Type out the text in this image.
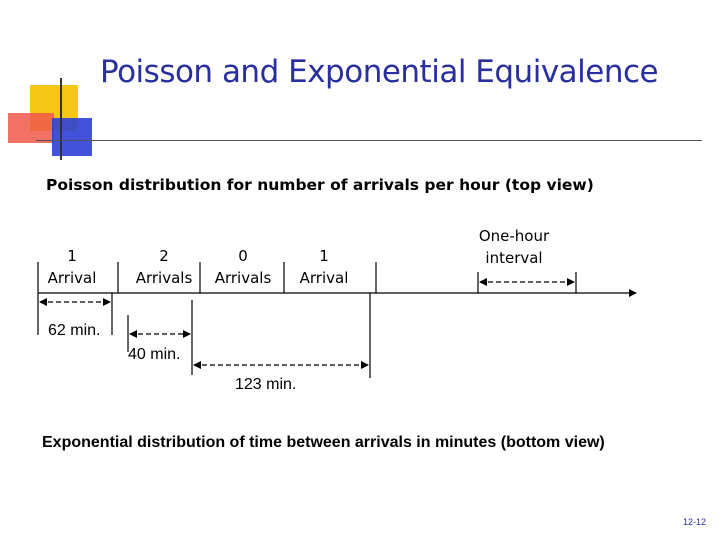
Poisson and Exponential Equivalence
Poisson distribution for number of arrivals per hour (top view)
1
Arrival
2
Arrivals
0
Arrivals
1
Arrival
One-hour
interval
62 min.
40 min.
123 min.
Exponential distribution of time between arrivals in minutes (bottom view)
12-12
